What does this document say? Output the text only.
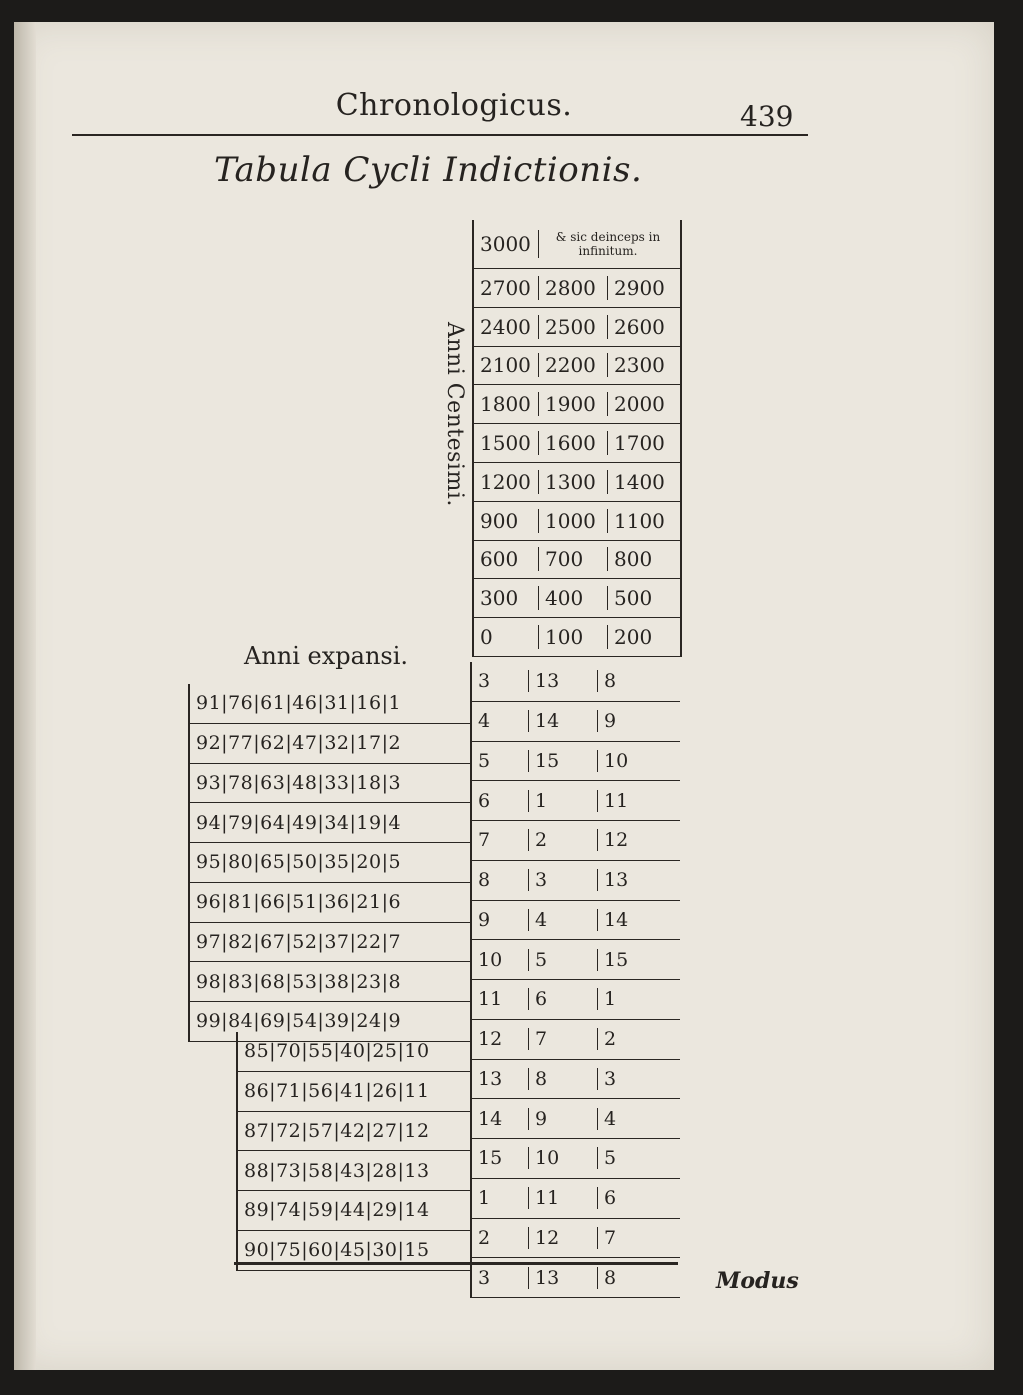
Chronologicus.	439
Tabula Cycli Indictionis.
Anni Centesimi.
3000	& sic deinceps in infinitum.
2700 2800 2900
2400 2500 2600
2100 2200 2300
1800 1900 2000
1500 1600 1700
1200 1300 1400
900	1000 1100
600	700	800
300	400	500
0	100	200
Anni expansi.
3	13	8
4	14	9
5	15	10
6	1	11
7	2	12
8	3	13
9	4	14
10	5	15
11	6	1
12	7	2
13	8	3
14	9	4
15	10	5
1	11	6
2	12	7
3	13	8
91|76|61|46|31|16|1
92|77|62|47|32|17|2
93|78|63|48|33|18|3
94|79|64|49|34|19|4
95|80|65|50|35|20|5
96|81|66|51|36|21|6
97|82|67|52|37|22|7
98|83|68|53|38|23|8
99|84|69|54|39|24|9
85|70|55|40|25|10
86|71|56|41|26|11
87|72|57|42|27|12
88|73|58|43|28|13
89|74|59|44|29|14
90|75|60|45|30|15
Modus
